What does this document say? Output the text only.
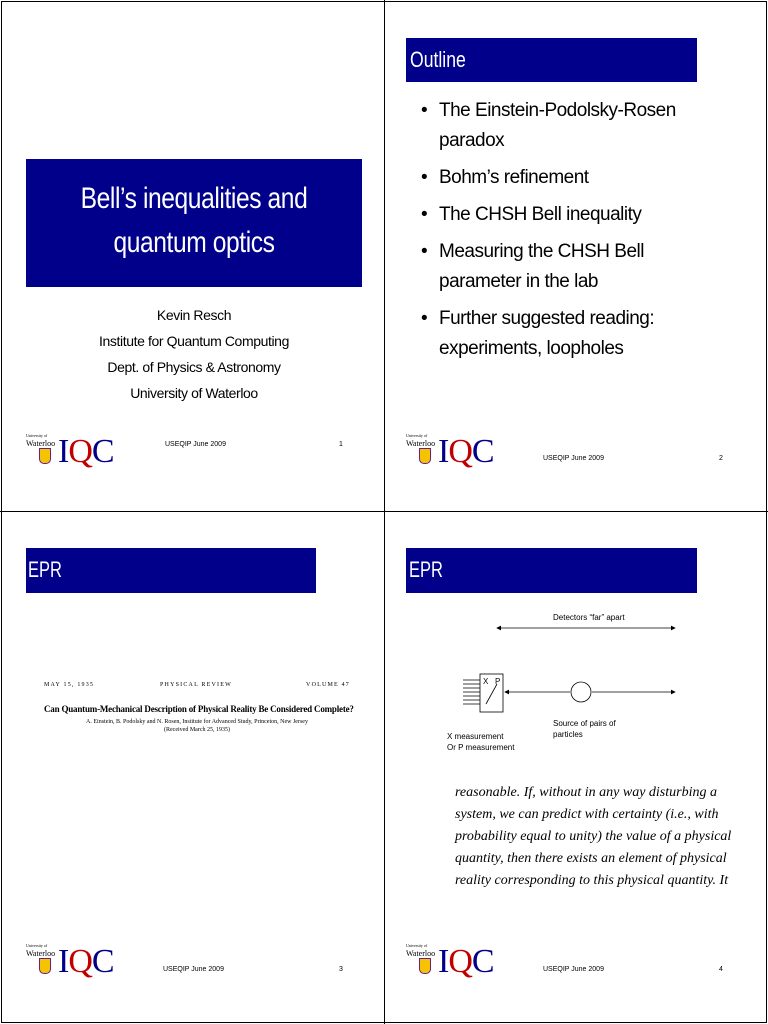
Bell’s inequalities and quantum optics
Kevin Resch
Institute for Quantum Computing
Dept. of Physics & Astronomy
University of Waterloo
University of
Waterloo IQC	USEQIP June 2009	1
Outline
• The Einstein-Podolsky-Rosen paradox
• Bohm’s refinement
• The CHSH Bell inequality
• Measuring the CHSH Bell parameter in the lab
• Further suggested reading: experiments, loopholes
University of
Waterloo IQC	USEQIP June 2009	2
EPR
MAY 15, 1935	PHYSICAL REVIEW	VOLUME 47
Can Quantum-Mechanical Description of Physical Reality Be Considered Complete?
A. Einstein, B. Podolsky and N. Rosen, Institute for Advanced Study, Princeton, New Jersey
(Received March 25, 1935)
University of
Waterloo IQC	USEQIP June 2009	3
EPR
Detectors “far” apart
X P
X measurement
Or P measurement
Source of pairs of
particles
reasonable. If, without in any way disturbing a
system, we can predict with certainty (i.e., with
probability equal to unity) the value of a physical
quantity, then there exists an element of physical
reality corresponding to this physical quantity. It
University of
Waterloo IQC	USEQIP June 2009	4
